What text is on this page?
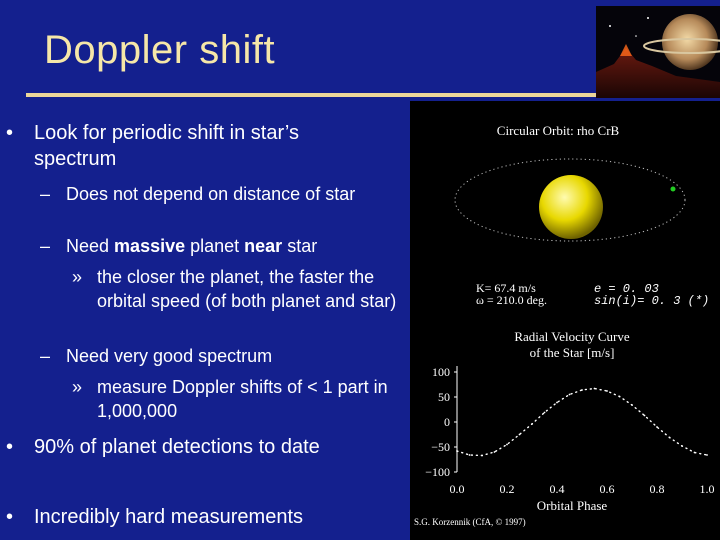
Doppler shift
• Look for periodic shift in star’s spectrum
– Does not depend on distance of star
– Need massive planet near star
» the closer the planet, the faster the orbital speed (of both planet and star)
– Need very good spectrum
» measure Doppler shifts of < 1 part in 1,000,000
• 90% of planet detections to date
• Incredibly hard measurements
Circular Orbit: rho CrB
K= 67.4 m/s
ω = 210.0 deg.
e = 0. 03
sin(i)= 0. 3 (*)
Radial Velocity Curve
of the Star [m/s]
100
50
0
−50
−100
0.0	0.2	0.4	0.6	0.8	1.0
Orbital Phase
S.G. Korzennik (CfA, © 1997)
